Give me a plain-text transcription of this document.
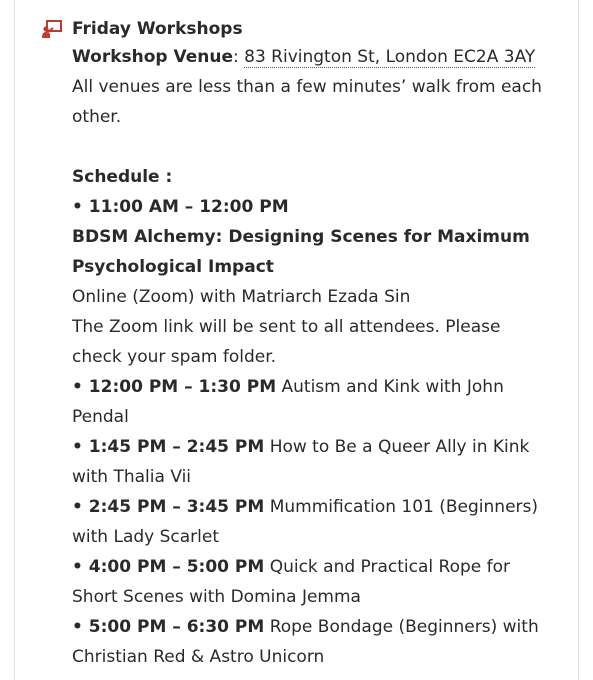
Friday Workshops
Workshop Venue: 83 Rivington St, London EC2A 3AY
All venues are less than a few minutes’ walk from each other.
Schedule :
• 11:00 AM – 12:00 PM
BDSM Alchemy: Designing Scenes for Maximum Psychological Impact
Online (Zoom) with Matriarch Ezada Sin
The Zoom link will be sent to all attendees. Please check your spam folder.
• 12:00 PM – 1:30 PM Autism and Kink with John Pendal
• 1:45 PM – 2:45 PM How to Be a Queer Ally in Kink with Thalia Vii
• 2:45 PM – 3:45 PM Mummification 101 (Beginners) with Lady Scarlet
• 4:00 PM – 5:00 PM Quick and Practical Rope for Short Scenes with Domina Jemma
• 5:00 PM – 6:30 PM Rope Bondage (Beginners) with Christian Red & Astro Unicorn
